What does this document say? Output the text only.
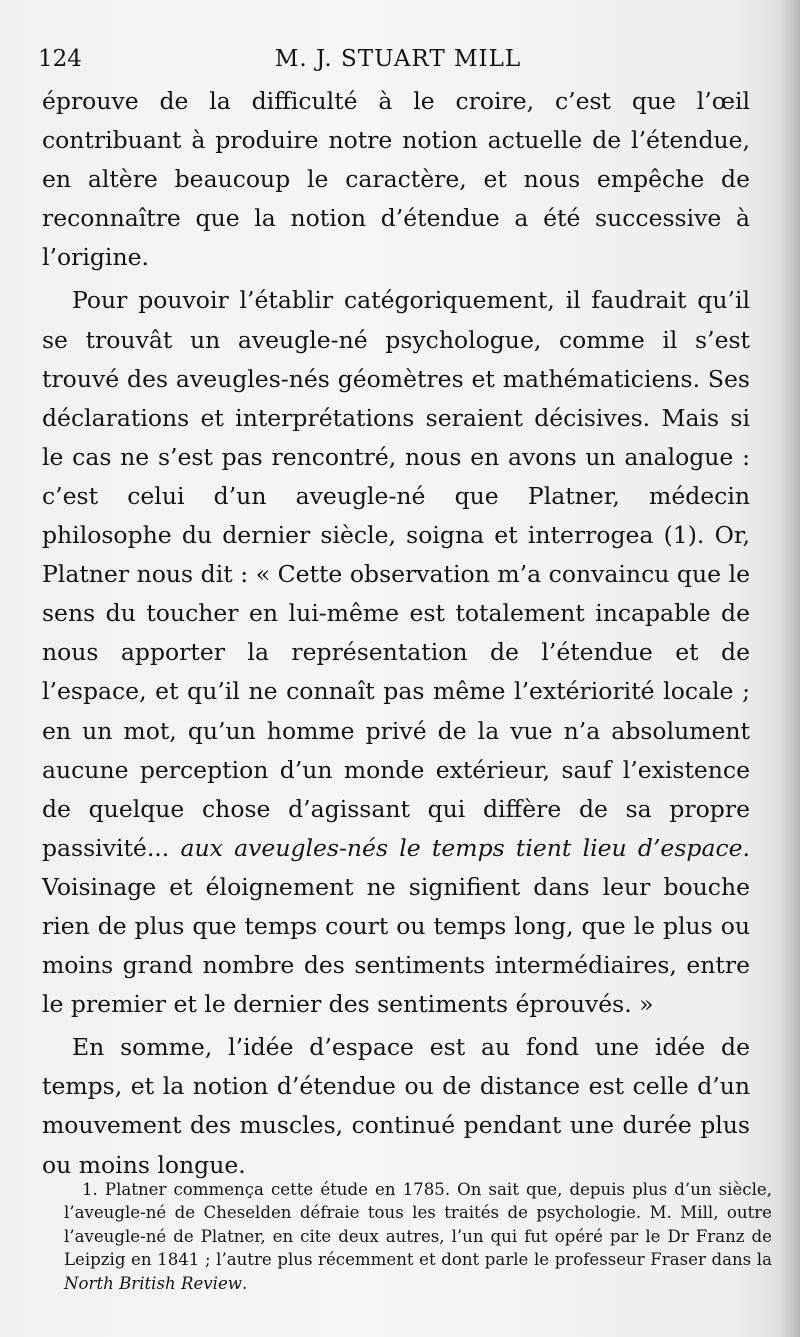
124	M. J. STUART MILL

éprouve de la difficulté à le croire, c’est que l’œil contribuant à produire notre notion actuelle de l’étendue, en altère beaucoup le caractère, et nous empêche de reconnaître que la notion d’étendue a été successive à l’origine.

Pour pouvoir l’établir catégoriquement, il faudrait qu’il se trouvât un aveugle-né psychologue, comme il s’est trouvé des aveugles-nés géomètres et mathématiciens. Ses déclarations et interprétations seraient décisives. Mais si le cas ne s’est pas rencontré, nous en avons un analogue : c’est celui d’un aveugle-né que Platner, médecin philosophe du dernier siècle, soigna et interrogea (1). Or, Platner nous dit : « Cette observation m’a convaincu que le sens du toucher en lui-même est totalement incapable de nous apporter la représentation de l’étendue et de l’espace, et qu’il ne connaît pas même l’extériorité locale ; en un mot, qu’un homme privé de la vue n’a absolument aucune perception d’un monde extérieur, sauf l’existence de quelque chose d’agissant qui diffère de sa propre passivité... aux aveugles-nés le temps tient lieu d’espace. Voisinage et éloignement ne signifient dans leur bouche rien de plus que temps court ou temps long, que le plus ou moins grand nombre des sentiments intermédiaires, entre le premier et le dernier des sentiments éprouvés. »

En somme, l’idée d’espace est au fond une idée de temps, et la notion d’étendue ou de distance est celle d’un mouvement des muscles, continué pendant une durée plus ou moins longue.

1. Platner commença cette étude en 1785. On sait que, depuis plus d’un siècle, l’aveugle-né de Cheselden défraie tous les traités de psychologie. M. Mill, outre l’aveugle-né de Platner, en cite deux autres, l’un qui fut opéré par le Dr Franz de Leipzig en 1841 ; l’autre plus récemment et dont parle le professeur Fraser dans la North British Review.
